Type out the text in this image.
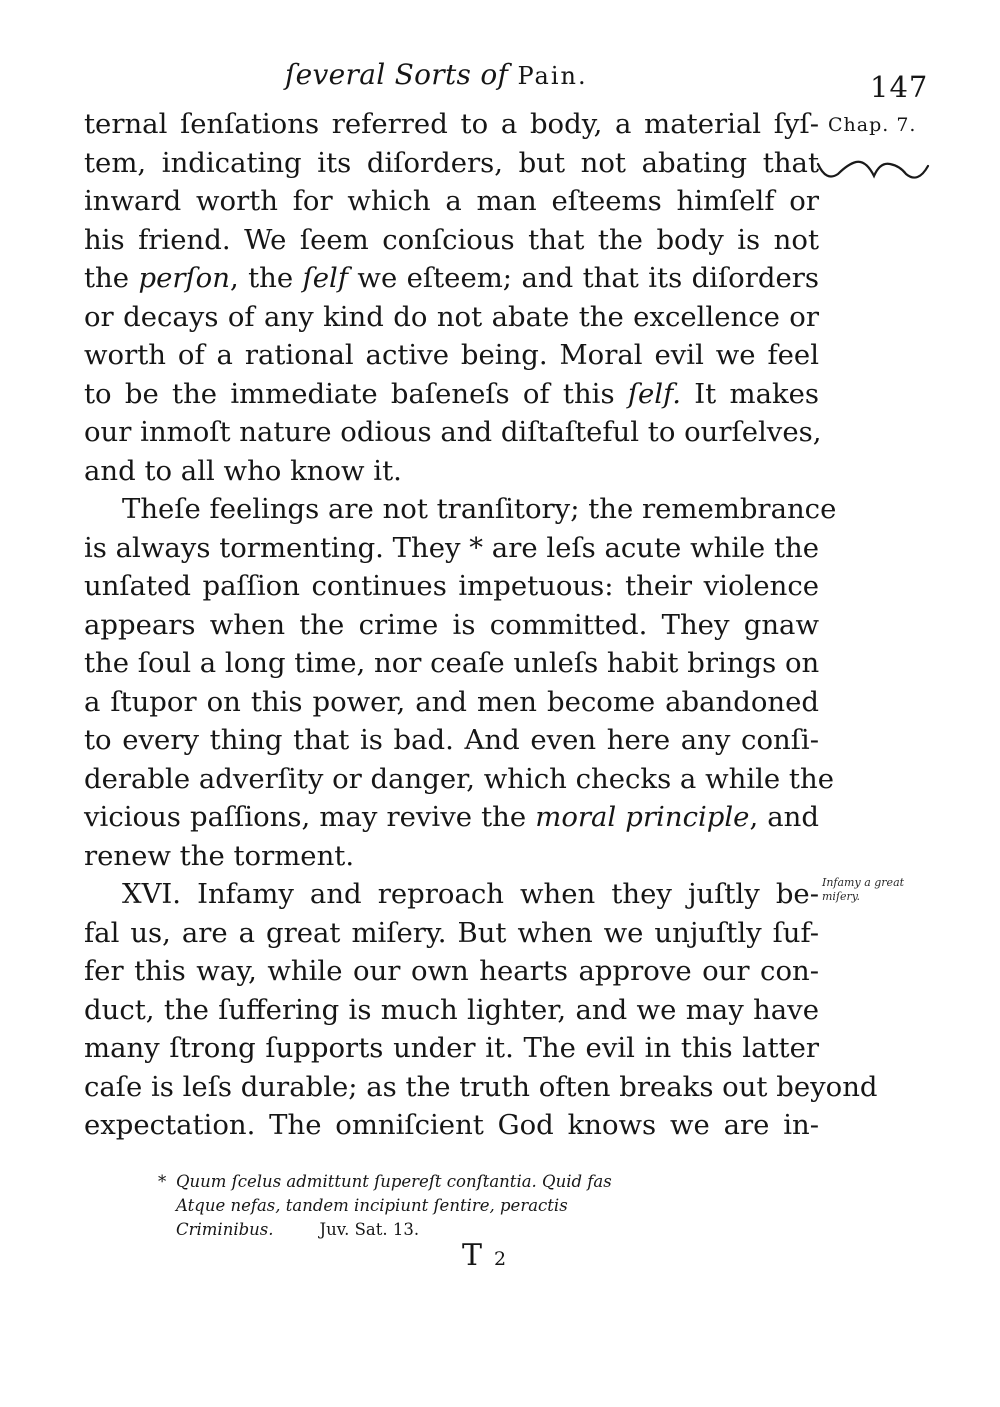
ſeveral Sorts of Pain.	147
Chap. 7.
Infamy a great
miſery.
ternal ſenſations referred to a body, a material ſyſ-
tem, indicating its diſorders, but not abating that
inward worth for which a man eſteems himſelf or
his friend. We ſeem conſcious that the body is not
the perſon, the ſelf we eſteem; and that its diſorders
or decays of any kind do not abate the excellence or
worth of a rational active being. Moral evil we feel
to be the immediate baſeneſs of this ſelf. It makes
our inmoſt nature odious and diſtaſteful to ourſelves,
and to all who know it.
Theſe feelings are not tranſitory; the remembrance
is always tormenting. They * are leſs acute while the
unſated paſſion continues impetuous: their violence
appears when the crime is committed. They gnaw
the ſoul a long time, nor ceaſe unleſs habit brings on
a ſtupor on this power, and men become abandoned
to every thing that is bad. And even here any conſi-
derable adverſity or danger, which checks a while the
vicious paſſions, may revive the moral principle, and
renew the torment.
XVI. Infamy and reproach when they juſtly be-
fal us, are a great miſery. But when we unjuſtly ſuf-
fer this way, while our own hearts approve our con-
duct, the ſuffering is much lighter, and we may have
many ſtrong ſupports under it. The evil in this latter
caſe is leſs durable; as the truth often breaks out beyond
expectation. The omniſcient God knows we are in-
* Quum ſcelus admittunt ſupereſt conſtantia. Quid fas
Atque nefas, tandem incipiunt ſentire, peractis
Criminibus.	Juv. Sat. 13.
T 2
